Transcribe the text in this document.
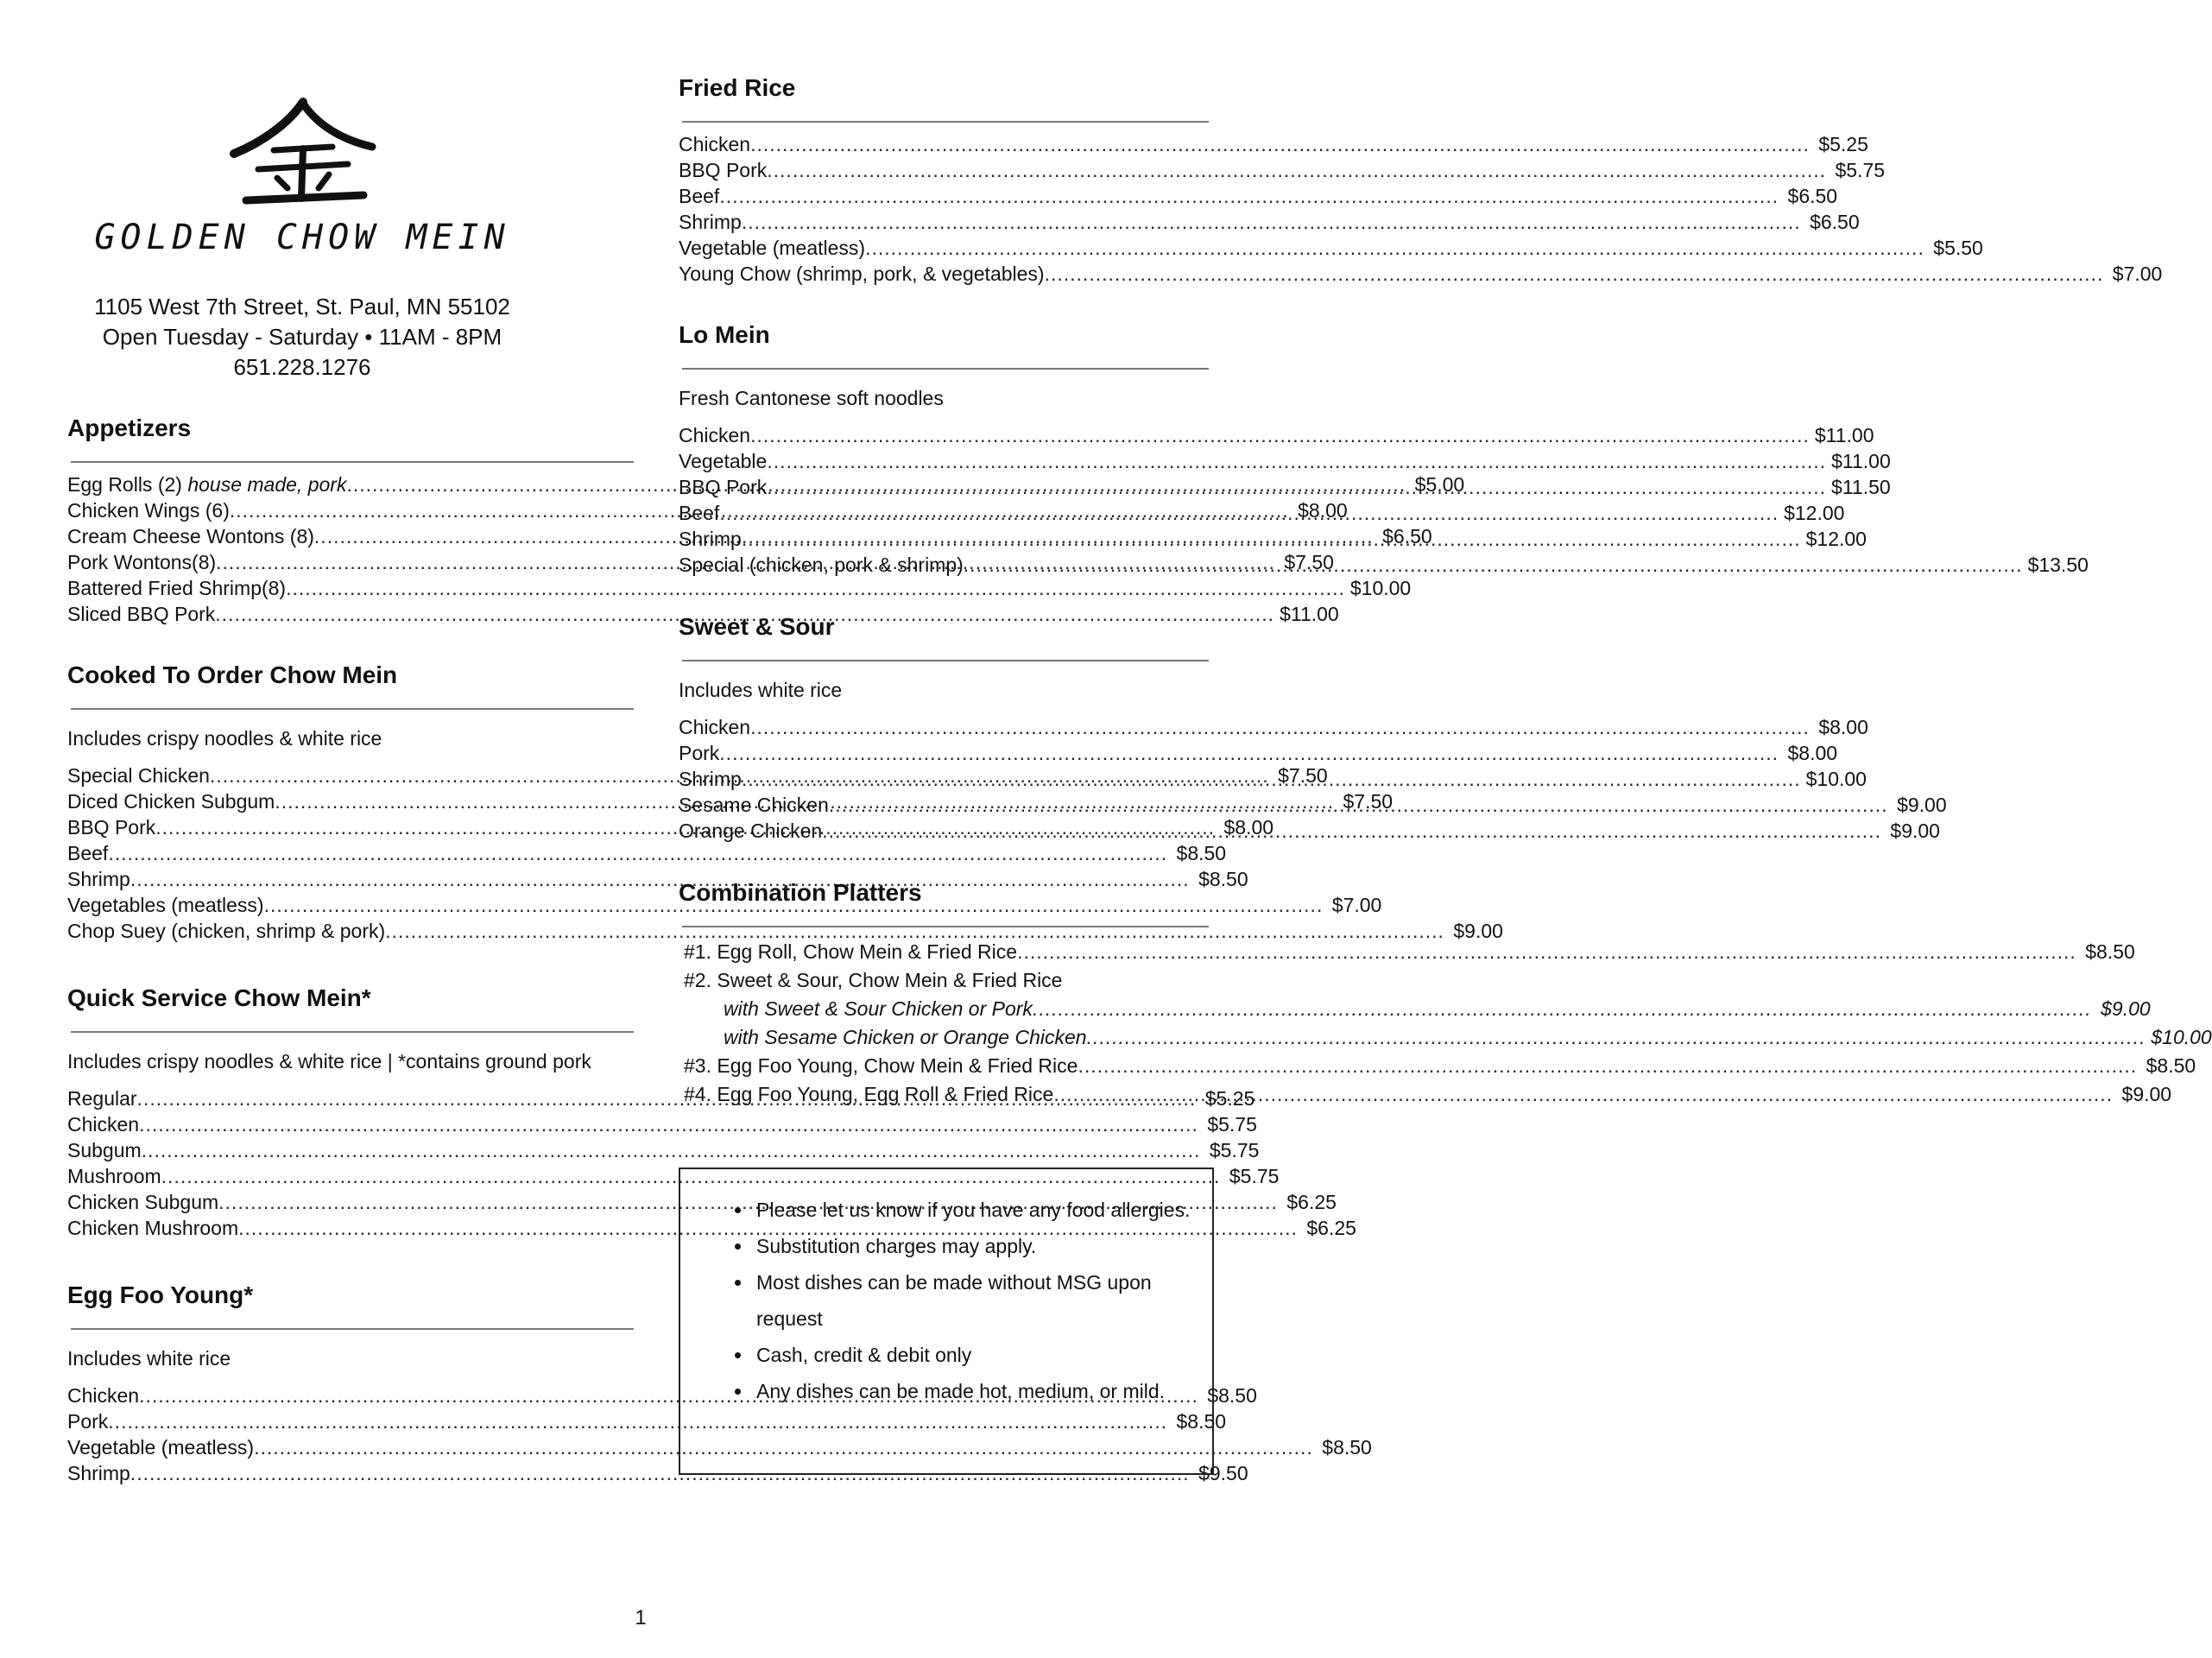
GOLDEN CHOW MEIN
1105 West 7th Street, St. Paul, MN 55102
Open Tuesday - Saturday • 11AM - 8PM
651.228.1276
Appetizers
Egg Rolls (2) house made, pork .....	$5.00
Chicken Wings (6) .....	$8.00
Cream Cheese Wontons (8) .....	$6.50
Pork Wontons(8) .....	$7.50
Battered Fried Shrimp(8) .....	$10.00
Sliced BBQ Pork .....	$11.00
Cooked To Order Chow Mein
Includes crispy noodles & white rice
Special Chicken .....	$7.50
Diced Chicken Subgum .....	$7.50
BBQ Pork .....	$8.00
Beef .....	$8.50
Shrimp .....	$8.50
Vegetables (meatless) .....	$7.00
Chop Suey (chicken, shrimp & pork) .....	$9.00
Quick Service Chow Mein*
Includes crispy noodles & white rice | *contains ground pork
Regular .....	$5.25
Chicken .....	$5.75
Subgum .....	$5.75
Mushroom .....	$5.75
Chicken Subgum .....	$6.25
Chicken Mushroom .....	$6.25
Egg Foo Young*
Includes white rice
Chicken .....	$8.50
Pork .....	$8.50
Vegetable (meatless) .....	$8.50
Shrimp .....	$9.50
Fried Rice
Chicken .....	$5.25
BBQ Pork .....	$5.75
Beef .....	$6.50
Shrimp .....	$6.50
Vegetable (meatless) .....	$5.50
Young Chow (shrimp, pork, & vegetables) .....	$7.00
Lo Mein
Fresh Cantonese soft noodles
Chicken .....	$11.00
Vegetable .....	$11.00
BBQ Pork .....	$11.50
Beef .....	$12.00
Shrimp .....	$12.00
Special (chicken, pork & shrimp) .....	$13.50
Sweet & Sour
Includes white rice
Chicken .....	$8.00
Pork .....	$8.00
Shrimp .....	$10.00
Sesame Chicken .....	$9.00
Orange Chicken .....	$9.00
Combination Platters
#1. Egg Roll, Chow Mein & Fried Rice .....	$8.50
#2. Sweet & Sour, Chow Mein & Fried Rice
with Sweet & Sour Chicken or Pork .....	$9.00
with Sesame Chicken or Orange Chicken .....	$10.00
#3. Egg Foo Young, Chow Mein & Fried Rice .....	$8.50
#4. Egg Foo Young, Egg Roll & Fried Rice .....	$9.00
• Please let us know if you have any food allergies.
• Substitution charges may apply.
• Most dishes can be made without MSG upon request
• Cash, credit & debit only
• Any dishes can be made hot, medium, or mild.
1
